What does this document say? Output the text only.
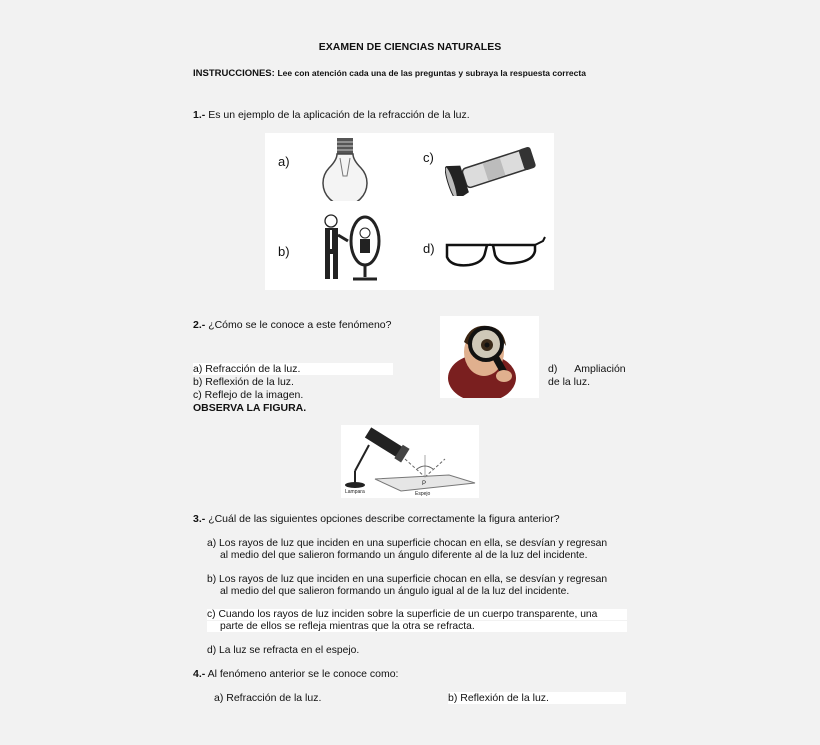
EXAMEN DE CIENCIAS NATURALES
INSTRUCCIONES: Lee con atención cada una de las preguntas y subraya la respuesta correcta
1.- Es un ejemplo de la aplicación de la refracción de la luz.
a)	c)
b)	d)
2.- ¿Cómo se le conoce a este fenómeno?
a) Refracción de la luz.
b) Reflexión de la luz.
c) Reflejo de la imagen.
d)      Ampliación
de la luz.
OBSERVA LA FIGURA.
Lampara	Espejo
P
3.- ¿Cuál de las siguientes opciones describe correctamente la figura anterior?
a) Los rayos de luz que inciden en una superficie chocan en ella, se desvían y regresan
al medio del que salieron formando un ángulo diferente al de la luz del incidente.
b) Los rayos de luz que inciden en una superficie chocan en ella, se desvían y regresan
al medio del que salieron formando un ángulo igual al de la luz del incidente.
c) Cuando los rayos de luz inciden sobre la superficie de un cuerpo transparente, una
parte de ellos se refleja mientras que la otra se refracta.
d) La luz se refracta en el espejo.
4.- Al fenómeno anterior se le conoce como:
a) Refracción de la luz.	b) Reflexión de la luz.
